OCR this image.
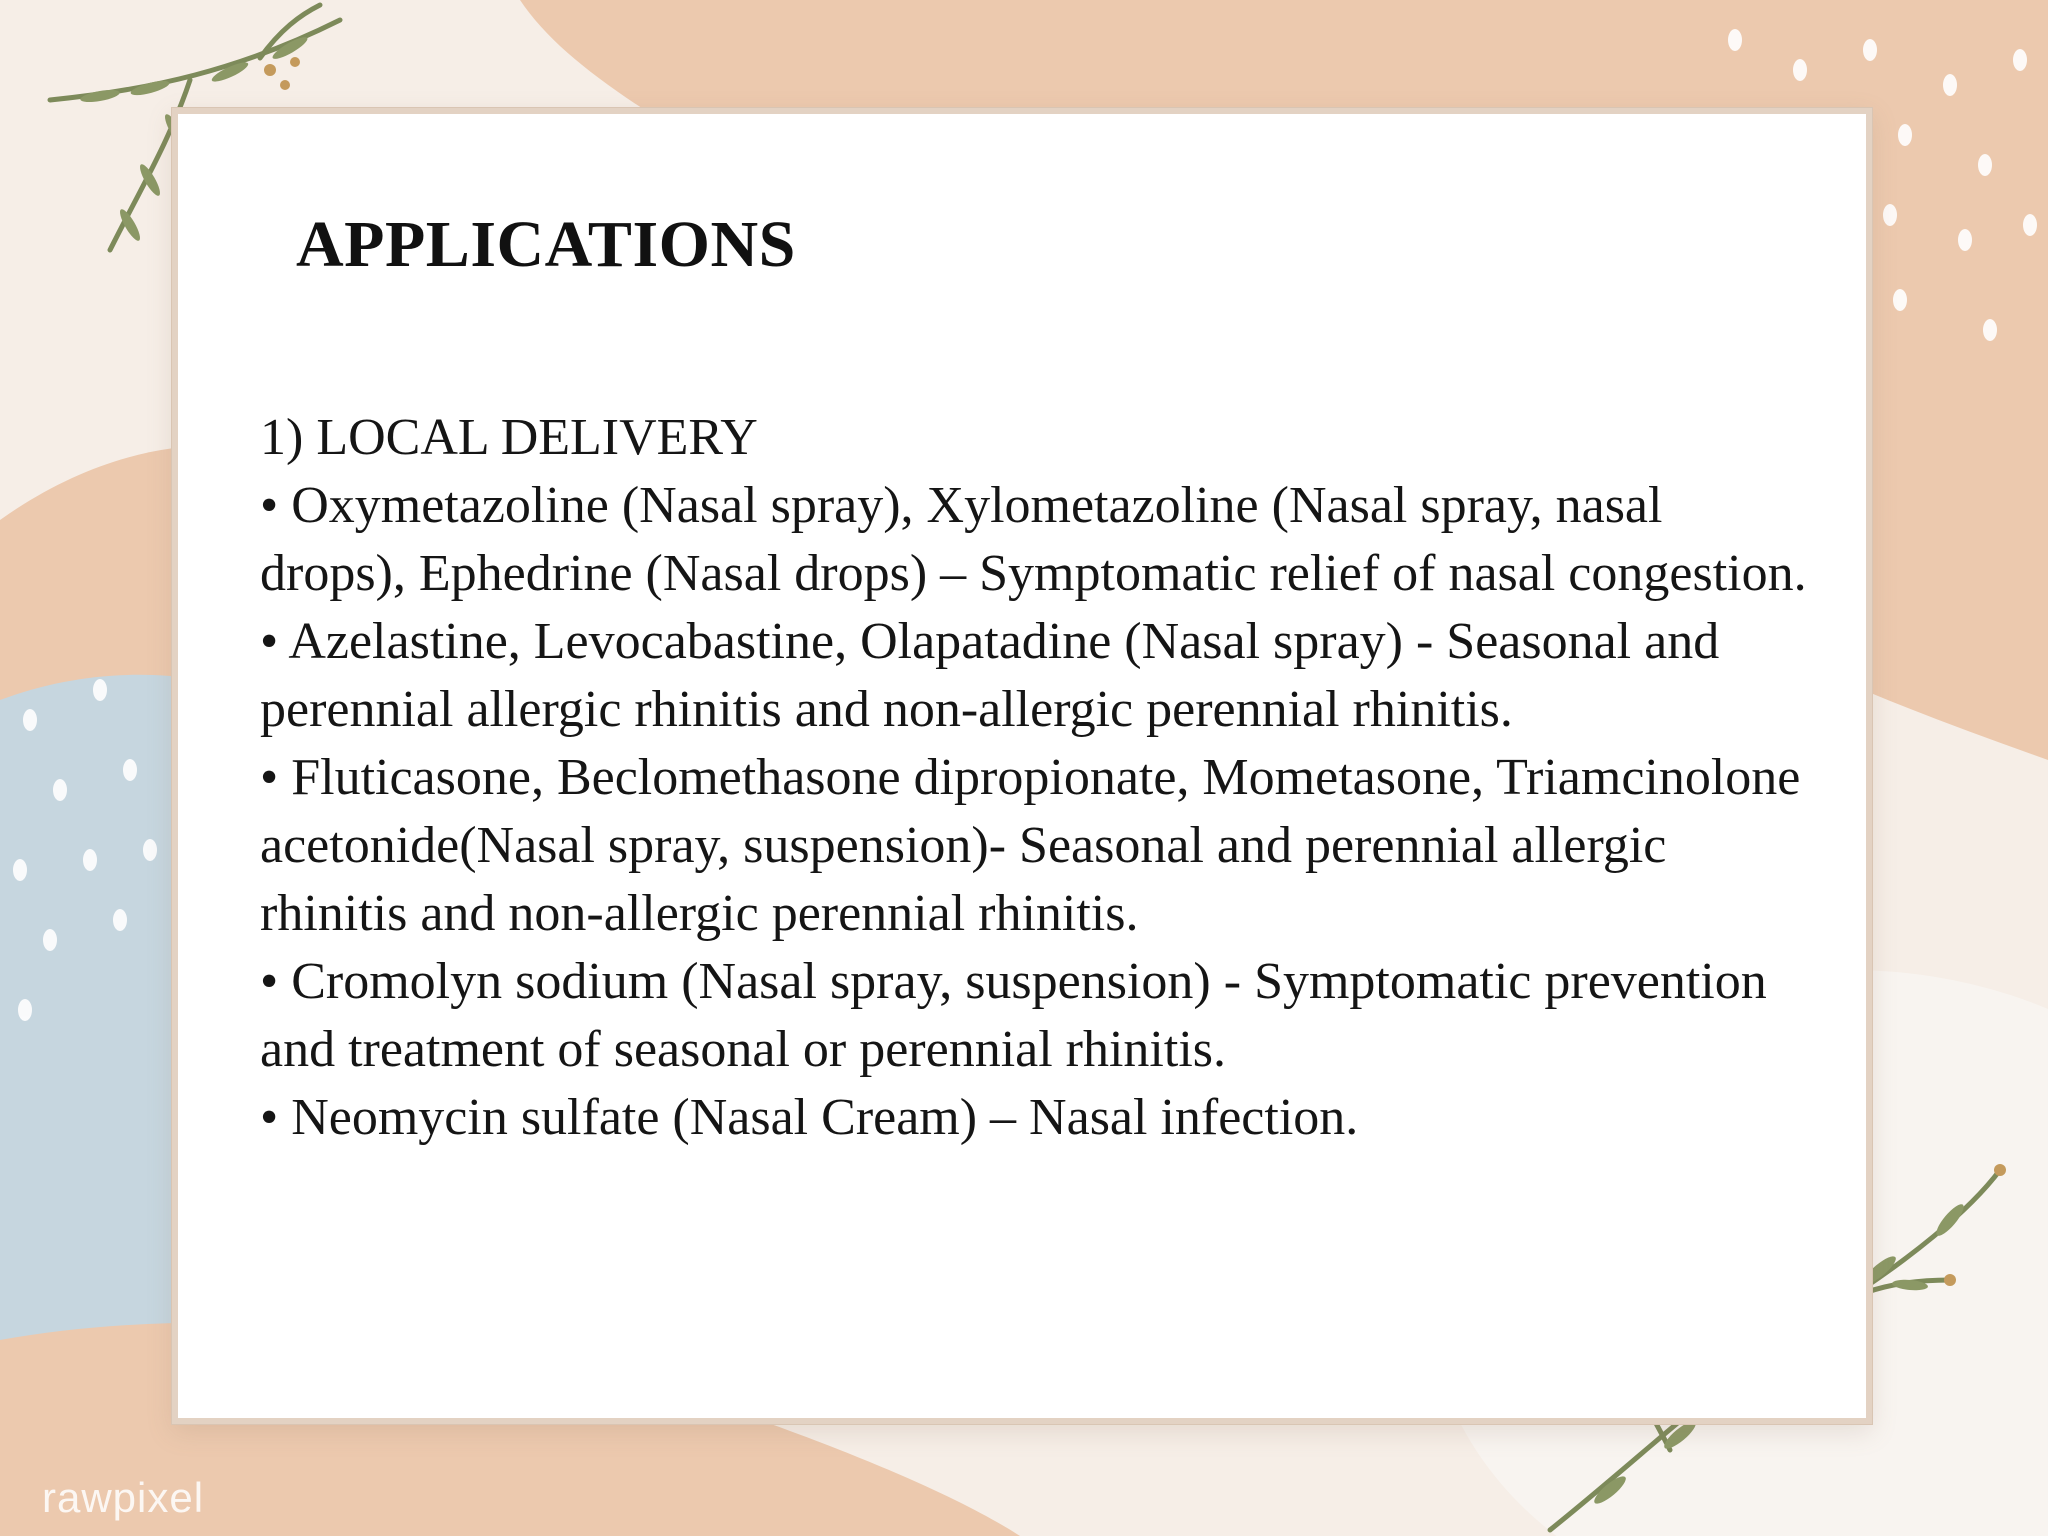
APPLICATIONS

1) LOCAL DELIVERY

• Oxymetazoline (Nasal spray), Xylometazoline (Nasal spray, nasal drops), Ephedrine (Nasal drops) – Symptomatic relief of nasal congestion.

• Azelastine, Levocabastine, Olapatadine (Nasal spray) - Seasonal and perennial allergic rhinitis and non-allergic perennial rhinitis.

• Fluticasone, Beclomethasone dipropionate, Mometasone, Triamcinolone acetonide(Nasal spray, suspension)- Seasonal and perennial allergic rhinitis and non-allergic perennial rhinitis.

• Cromolyn sodium (Nasal spray, suspension) - Symptomatic prevention and treatment of seasonal or perennial rhinitis.

• Neomycin sulfate (Nasal Cream) – Nasal infection.

rawpixel
